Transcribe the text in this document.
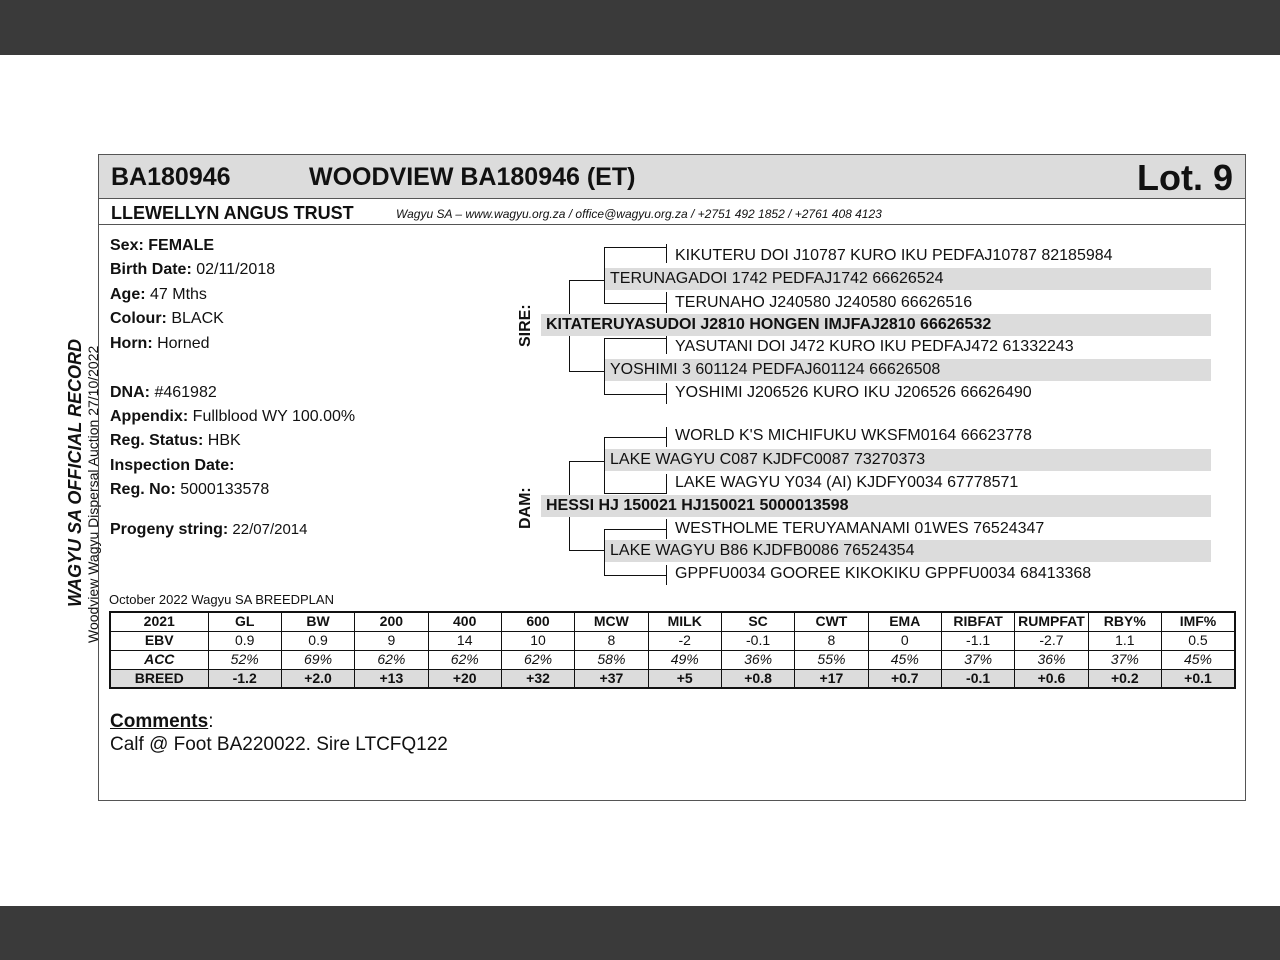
BA180946	WOODVIEW BA180946 (ET)	Lot. 9
LLEWELLYN ANGUS TRUST	Wagyu SA – www.wagyu.org.za / office@wagyu.org.za / +2751 492 1852 / +2761 408 4123
WAGYU SA OFFICIAL RECORD Woodview Wagyu Dispersal Auction 27/10/2022
Sex: FEMALE
Birth Date: 02/11/2018
Age: 47 Mths
Colour: BLACK
Horn: Horned
DNA: #461982
Appendix: Fullblood WY 100.00%
Reg. Status: HBK
Inspection Date:
Reg. No: 5000133578
Progeny string: 22/07/2014
SIRE:
DAM:
KIKUTERU DOI J10787 KURO IKU PEDFAJ10787 82185984
TERUNAGADOI 1742 PEDFAJ1742 66626524
TERUNAHO J240580 J240580 66626516
KITATERUYASUDOI J2810 HONGEN IMJFAJ2810 66626532
YASUTANI DOI J472 KURO IKU PEDFAJ472 61332243
YOSHIMI 3 601124 PEDFAJ601124 66626508
YOSHIMI J206526 KURO IKU J206526 66626490
WORLD K'S MICHIFUKU WKSFM0164 66623778
LAKE WAGYU C087 KJDFC0087 73270373
LAKE WAGYU Y034 (AI) KJDFY0034 67778571
HESSI HJ 150021 HJ150021 5000013598
WESTHOLME TERUYAMANAMI 01WES 76524347
LAKE WAGYU B86 KJDFB0086 76524354
GPPFU0034 GOOREE KIKOKIKU GPPFU0034 68413368
October 2022 Wagyu SA BREEDPLAN
2021	GL	BW	200	400	600	MCW	MILK	SC	CWT	EMA	RIBFAT	RUMPFAT	RBY%	IMF%
EBV	0.9	0.9	9	14	10	8	-2	-0.1	8	0	-1.1	-2.7	1.1	0.5
ACC	52%	69%	62%	62%	62%	58%	49%	36%	55%	45%	37%	36%	37%	45%
BREED	-1.2	+2.0	+13	+20	+32	+37	+5	+0.8	+17	+0.7	-0.1	+0.6	+0.2	+0.1
Comments:
Calf @ Foot BA220022. Sire LTCFQ122
